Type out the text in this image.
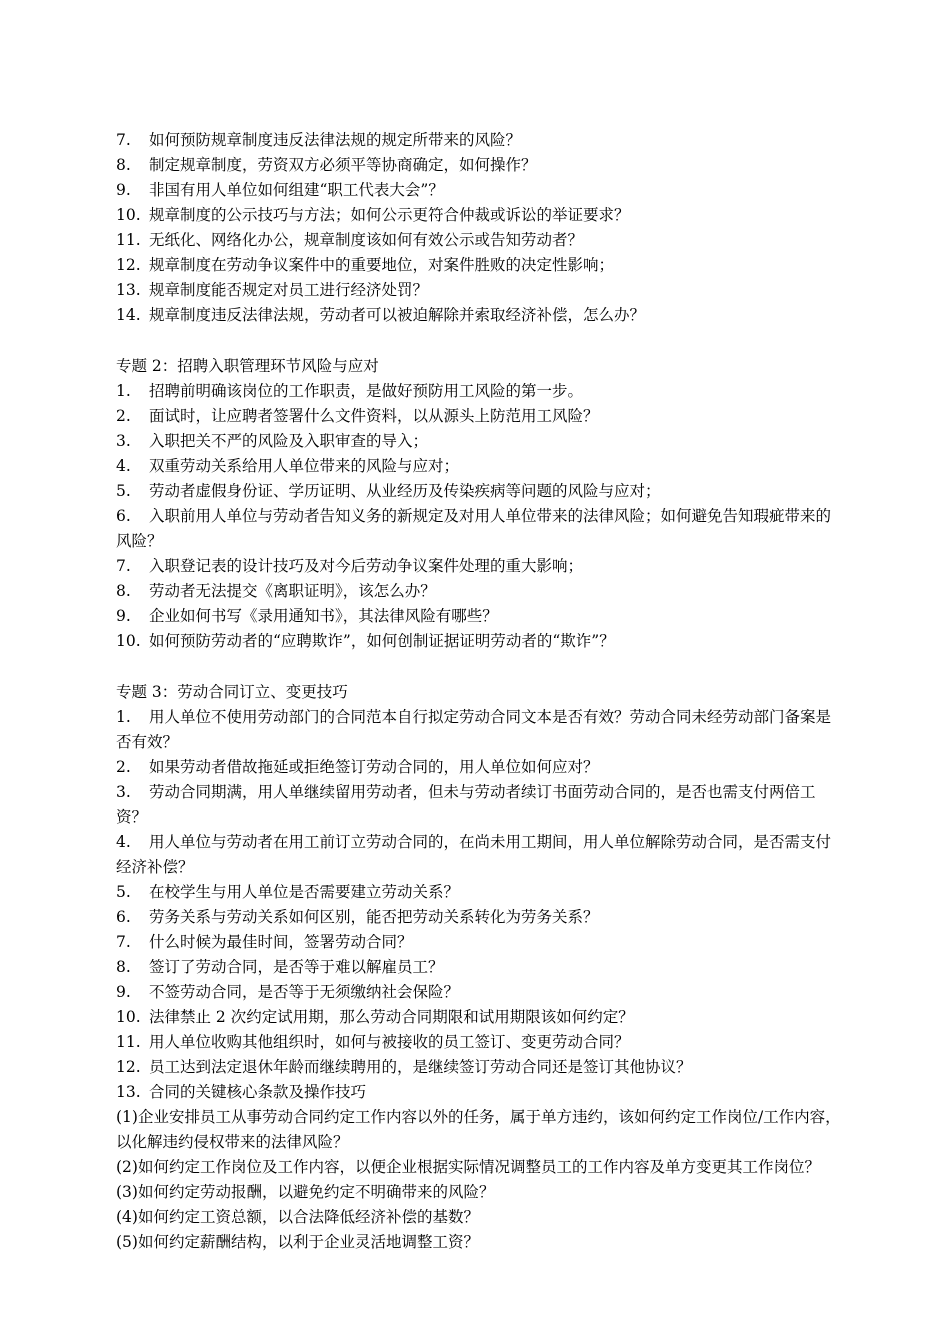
7.	如何预防规章制度违反法律法规的规定所带来的风险？
8.	制定规章制度，劳资双方必须平等协商确定，如何操作？
9.	非国有用人单位如何组建“职工代表大会”？
10. 规章制度的公示技巧与方法；如何公示更符合仲裁或诉讼的举证要求？
11. 无纸化、网络化办公，规章制度该如何有效公示或告知劳动者？
12. 规章制度在劳动争议案件中的重要地位，对案件胜败的决定性影响；
13. 规章制度能否规定对员工进行经济处罚？
14. 规章制度违反法律法规，劳动者可以被迫解除并索取经济补偿，怎么办？
专题 2：招聘入职管理环节风险与应对
1.	招聘前明确该岗位的工作职责，是做好预防用工风险的第一步。
2.	面试时，让应聘者签署什么文件资料，以从源头上防范用工风险？
3.	入职把关不严的风险及入职审查的导入；
4.	双重劳动关系给用人单位带来的风险与应对；
5.	劳动者虚假身份证、学历证明、从业经历及传染疾病等问题的风险与应对；
6. 入职前用人单位与劳动者告知义务的新规定及对用人单位带来的法律风险；如何避免告知瑕疵带来的风险？
7.	入职登记表的设计技巧及对今后劳动争议案件处理的重大影响；
8.	劳动者无法提交《离职证明》，该怎么办？
9.	企业如何书写《录用通知书》，其法律风险有哪些？
10. 如何预防劳动者的“应聘欺诈”，如何创制证据证明劳动者的“欺诈”？
专题 3：劳动合同订立、变更技巧
1. 用人单位不使用劳动部门的合同范本自行拟定劳动合同文本是否有效？劳动合同未经劳动部门备案是否有效？
2.	如果劳动者借故拖延或拒绝签订劳动合同的，用人单位如何应对？
3. 劳动合同期满，用人单继续留用劳动者，但未与劳动者续订书面劳动合同的，是否也需支付两倍工资？
4. 用人单位与劳动者在用工前订立劳动合同的，在尚未用工期间，用人单位解除劳动合同，是否需支付经济补偿？
5.	在校学生与用人单位是否需要建立劳动关系？
6.	劳务关系与劳动关系如何区别，能否把劳动关系转化为劳务关系？
7.	什么时候为最佳时间，签署劳动合同？
8.	签订了劳动合同，是否等于难以解雇员工？
9.	不签劳动合同，是否等于无须缴纳社会保险？
10. 法律禁止 2 次约定试用期，那么劳动合同期限和试用期限该如何约定？
11. 用人单位收购其他组织时，如何与被接收的员工签订、变更劳动合同？
12. 员工达到法定退休年龄而继续聘用的，是继续签订劳动合同还是签订其他协议？
13. 合同的关键核心条款及操作技巧
(1)企业安排员工从事劳动合同约定工作内容以外的任务，属于单方违约，该如何约定工作岗位/工作内容，以化解违约侵权带来的法律风险？
(2)如何约定工作岗位及工作内容，以便企业根据实际情况调整员工的工作内容及单方变更其工作岗位？
(3)如何约定劳动报酬，以避免约定不明确带来的风险？
(4)如何约定工资总额，以合法降低经济补偿的基数？
(5)如何约定薪酬结构，以利于企业灵活地调整工资？
